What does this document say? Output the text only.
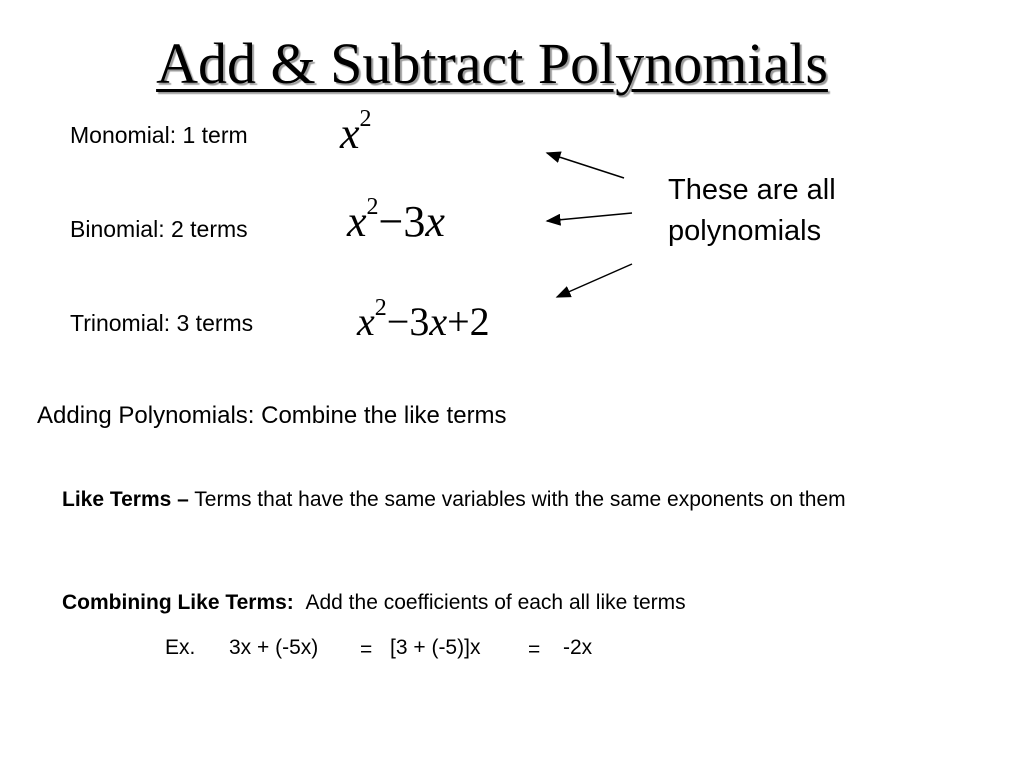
Add & Subtract Polynomials
Monomial: 1 term $x^2$
Binomial: 2 terms $x^2-3x$
Trinomial: 3 terms	$x^2-3x+2$
These are all polynomials
Adding Polynomials: Combine the like terms
Like Terms – Terms that have the same variables with the same exponents on them
Combining Like Terms: Add the coefficients of each all like terms
Ex. 3x + (-5x) = [3 + (-5)]x = -2x
